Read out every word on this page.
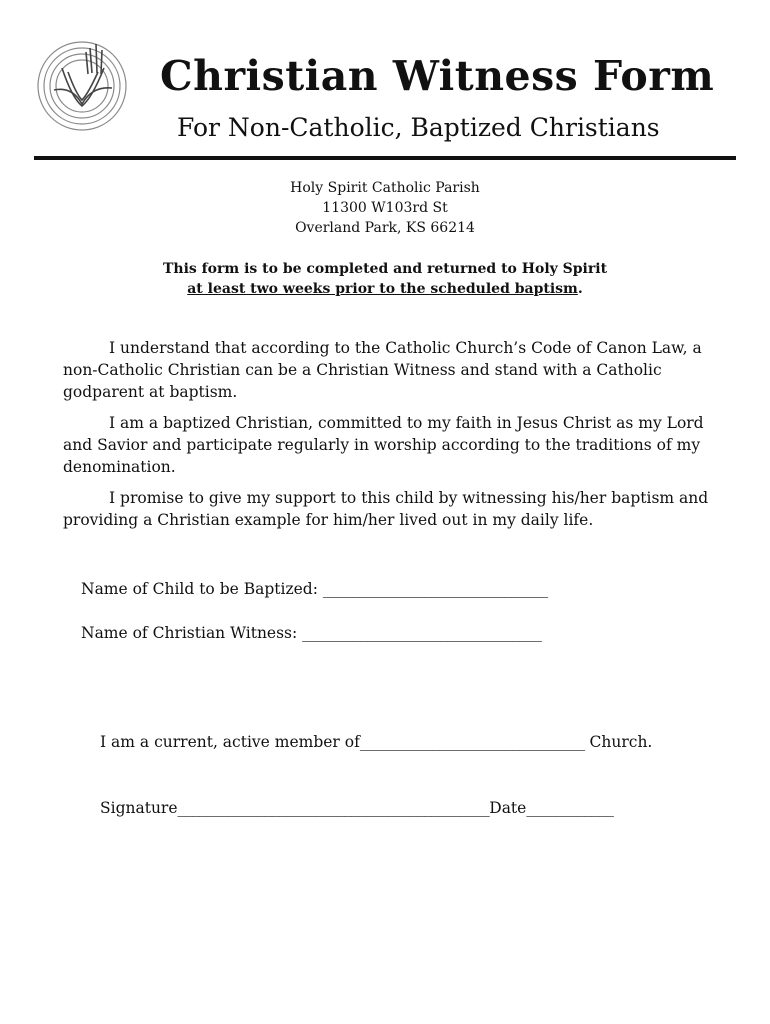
Christian Witness Form
For Non-Catholic, Baptized Christians
Holy Spirit Catholic Parish
11300 W103rd St
Overland Park, KS 66214
This form is to be completed and returned to Holy Spirit
at least two weeks prior to the scheduled baptism.

I understand that according to the Catholic Church’s Code of Canon Law, a
non-Catholic Christian can be a Christian Witness and stand with a Catholic
godparent at baptism.

I am a baptized Christian, committed to my faith in Jesus Christ as my Lord
and Savior and participate regularly in worship according to the traditions of my
denomination.

I promise to give my support to this child by witnessing his/her baptism and
providing a Christian example for him/her lived out in my daily life.

Name of Child to be Baptized: _______________________________
Name of Christian Witness: _________________________________
I am a current, active member of_______________________________ Church.
Signature___________________________________________Date____________
